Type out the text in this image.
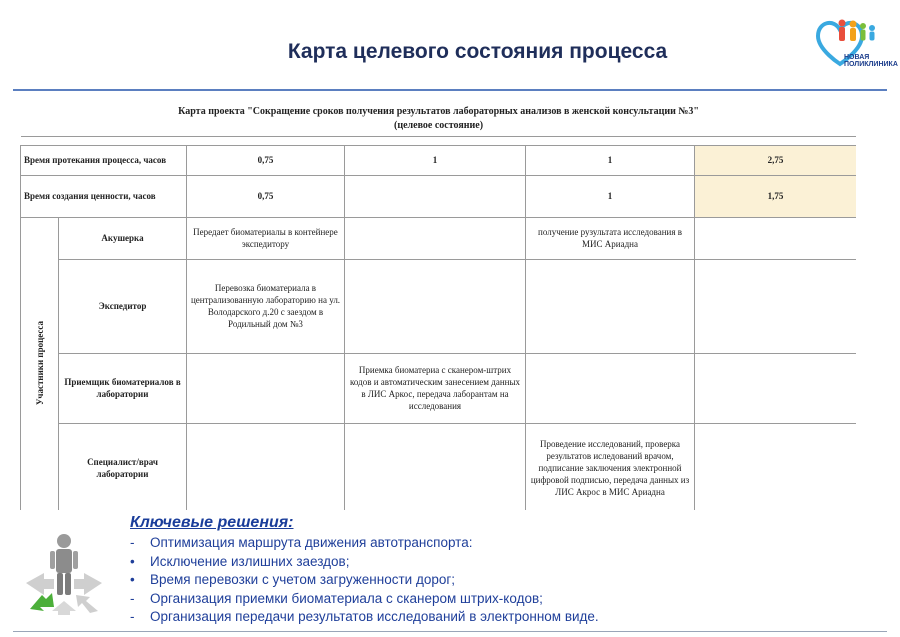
Карта целевого состояния процесса	НОВАЯ
ПОЛИКЛИНИКА
Карта проекта "Сокращение сроков получения результатов лабораторных анализов в женской консультации №3"
(целевое состояние)					

Время протекания процесса, часов		0,75	1	1	2,75
Время создания ценности, часов		0,75		1	1,75
Участники процесса	Акушерка	Передает биоматериалы в контейнере экспедитору		получение рузультата исследования в МИС Ариадна	
	Экспедитор	Перевозка биоматериала в централизованную лабораторию на ул. Володарского д.20 с заездом в Родильный дом №3			
	Приемщик биоматериалов в лаборатории		Приемка биоматериа с сканером-штрих кодов и автоматическим занесением данных в ЛИС Аркос, передача лаборантам на исследования		
	Специалист/врач лаборатории			Проведение исследований, проверка результатов иследований врачом, подписание заключения электронной цифровой подписью, передача данных из ЛИС Акрос в МИС Ариадна	
Ключевые решения:
-	Оптимизация маршрута движения автотранспорта:
•	Исключение излишних заездов;
•	Время перевозки с учетом загруженности дорог;
-	Организация приемки биоматериала с сканером штрих-кодов;
-	Организация передачи результатов исследований в электронном виде.
